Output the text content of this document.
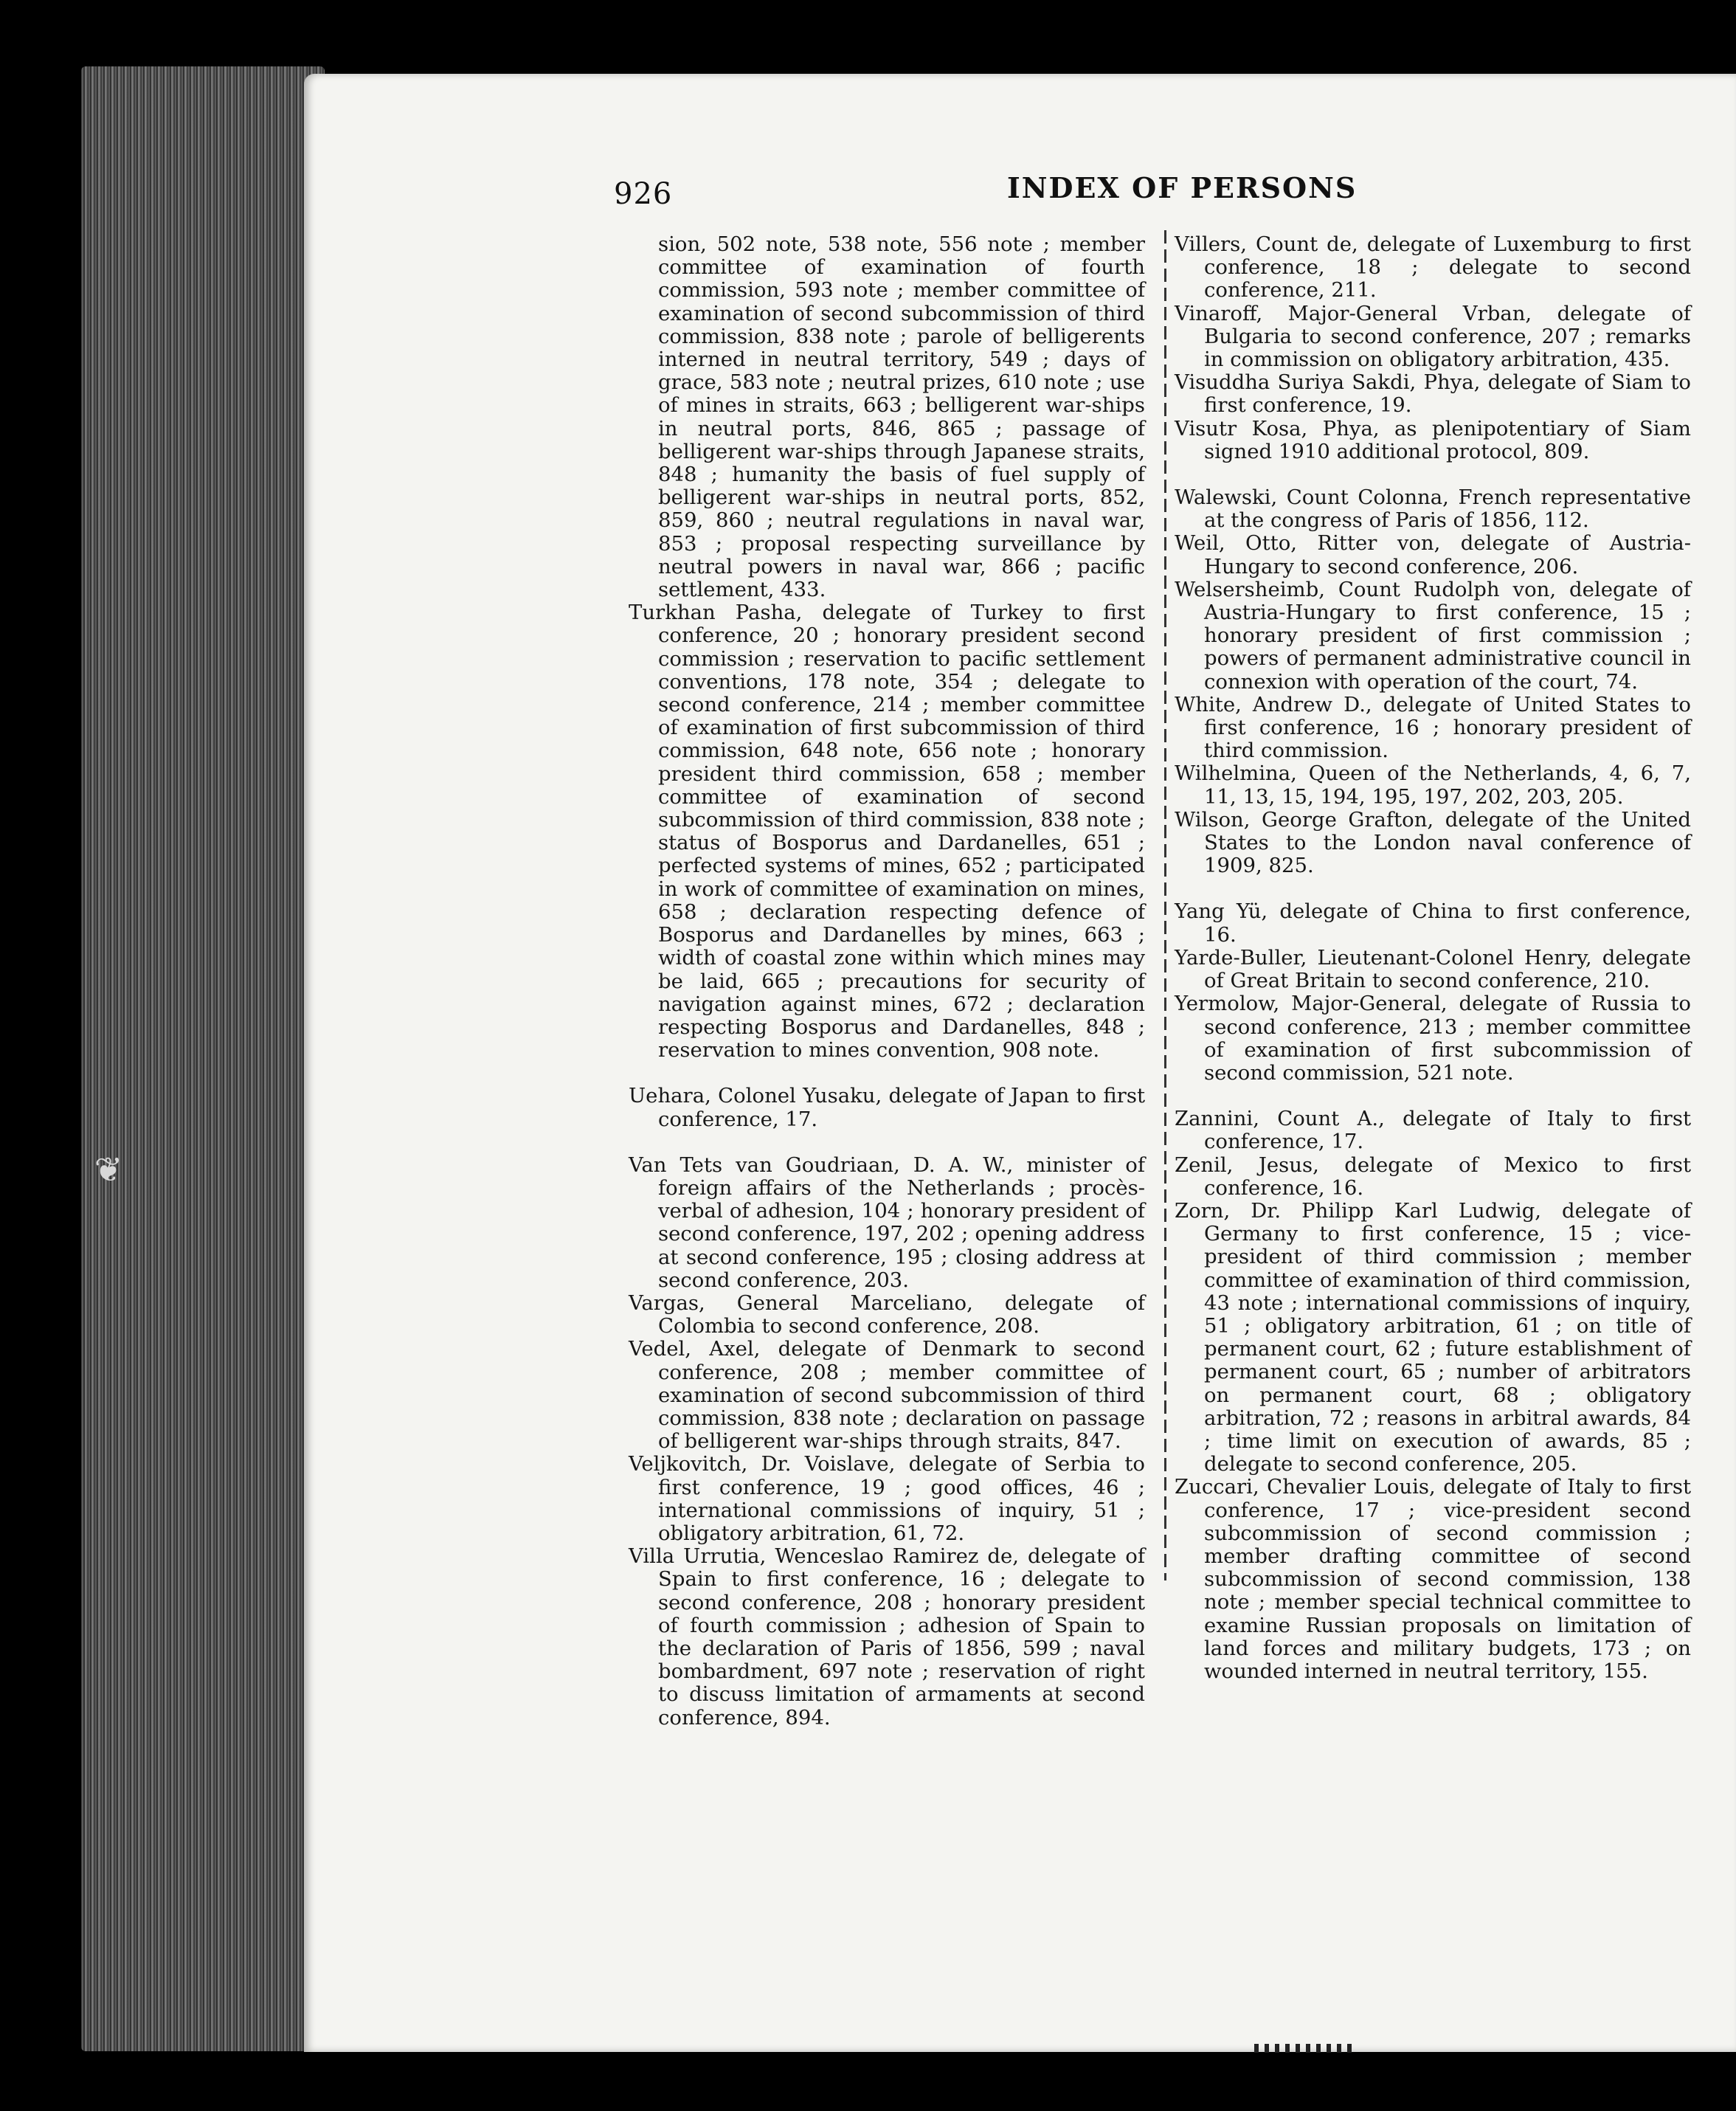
❦
926	INDEX OF PERSONS
sion, 502 note, 538 note, 556 note ; member committee of examination of fourth commission, 593 note ; member committee of examination of second subcommission of third commission, 838 note ; parole of belligerents interned in neutral territory, 549 ; days of grace, 583 note ; neutral prizes, 610 note ; use of mines in straits, 663 ; belligerent war-ships in neutral ports, 846, 865 ; passage of belligerent war-ships through Japanese straits, 848 ; humanity the basis of fuel supply of belligerent war-ships in neutral ports, 852, 859, 860 ; neutral regulations in naval war, 853 ; proposal respecting surveillance by neutral powers in naval war, 866 ; pacific settlement, 433.
Turkhan Pasha, delegate of Turkey to first conference, 20 ; honorary president second commission ; reservation to pacific settlement conventions, 178 note, 354 ; delegate to second conference, 214 ; member committee of examination of first subcommission of third commission, 648 note, 656 note ; honorary president third commission, 658 ; member committee of examination of second subcommission of third commission, 838 note ; status of Bosporus and Dardanelles, 651 ; perfected systems of mines, 652 ; participated in work of committee of examination on mines, 658 ; declaration respecting defence of Bosporus and Dardanelles by mines, 663 ; width of coastal zone within which mines may be laid, 665 ; precautions for security of navigation against mines, 672 ; declaration respecting Bosporus and Dardanelles, 848 ; reservation to mines convention, 908 note.
Uehara, Colonel Yusaku, delegate of Japan to first conference, 17.
Van Tets van Goudriaan, D. A. W., minister of foreign affairs of the Netherlands ; procès-verbal of adhesion, 104 ; honorary president of second conference, 197, 202 ; opening address at second conference, 195 ; closing address at second conference, 203.
Vargas, General Marceliano, delegate of Colombia to second conference, 208.
Vedel, Axel, delegate of Denmark to second conference, 208 ; member committee of examination of second subcommission of third commission, 838 note ; declaration on passage of belligerent war-ships through straits, 847.
Veljkovitch, Dr. Voislave, delegate of Serbia to first conference, 19 ; good offices, 46 ; international commissions of inquiry, 51 ; obligatory arbitration, 61, 72.
Villa Urrutia, Wenceslao Ramirez de, delegate of Spain to first conference, 16 ; delegate to second conference, 208 ; honorary president of fourth commission ; adhesion of Spain to the declaration of Paris of 1856, 599 ; naval bombardment, 697 note ; reservation of right to discuss limitation of armaments at second conference, 894.
Villers, Count de, delegate of Luxemburg to first conference, 18 ; delegate to second conference, 211.
Vinaroff, Major-General Vrban, delegate of Bulgaria to second conference, 207 ; remarks in commission on obligatory arbitration, 435.
Visuddha Suriya Sakdi, Phya, delegate of Siam to first conference, 19.
Visutr Kosa, Phya, as plenipotentiary of Siam signed 1910 additional protocol, 809.
Walewski, Count Colonna, French representative at the congress of Paris of 1856, 112.
Weil, Otto, Ritter von, delegate of Austria-Hungary to second conference, 206.
Welsersheimb, Count Rudolph von, delegate of Austria-Hungary to first conference, 15 ; honorary president of first commission ; powers of permanent administrative council in connexion with operation of the court, 74.
White, Andrew D., delegate of United States to first conference, 16 ; honorary president of third commission.
Wilhelmina, Queen of the Netherlands, 4, 6, 7, 11, 13, 15, 194, 195, 197, 202, 203, 205.
Wilson, George Grafton, delegate of the United States to the London naval conference of 1909, 825.
Yang Yü, delegate of China to first conference, 16.
Yarde-Buller, Lieutenant-Colonel Henry, delegate of Great Britain to second conference, 210.
Yermolow, Major-General, delegate of Russia to second conference, 213 ; member committee of examination of first subcommission of second commission, 521 note.
Zannini, Count A., delegate of Italy to first conference, 17.
Zenil, Jesus, delegate of Mexico to first conference, 16.
Zorn, Dr. Philipp Karl Ludwig, delegate of Germany to first conference, 15 ; vice-president of third commission ; member committee of examination of third commission, 43 note ; international commissions of inquiry, 51 ; obligatory arbitration, 61 ; on title of permanent court, 62 ; future establishment of permanent court, 65 ; number of arbitrators on permanent court, 68 ; obligatory arbitration, 72 ; reasons in arbitral awards, 84 ; time limit on execution of awards, 85 ; delegate to second conference, 205.
Zuccari, Chevalier Louis, delegate of Italy to first conference, 17 ; vice-president second subcommission of second commission ; member drafting committee of second subcommission of second commission, 138 note ; member special technical committee to examine Russian proposals on limitation of land forces and military budgets, 173 ; on wounded interned in neutral territory, 155.
